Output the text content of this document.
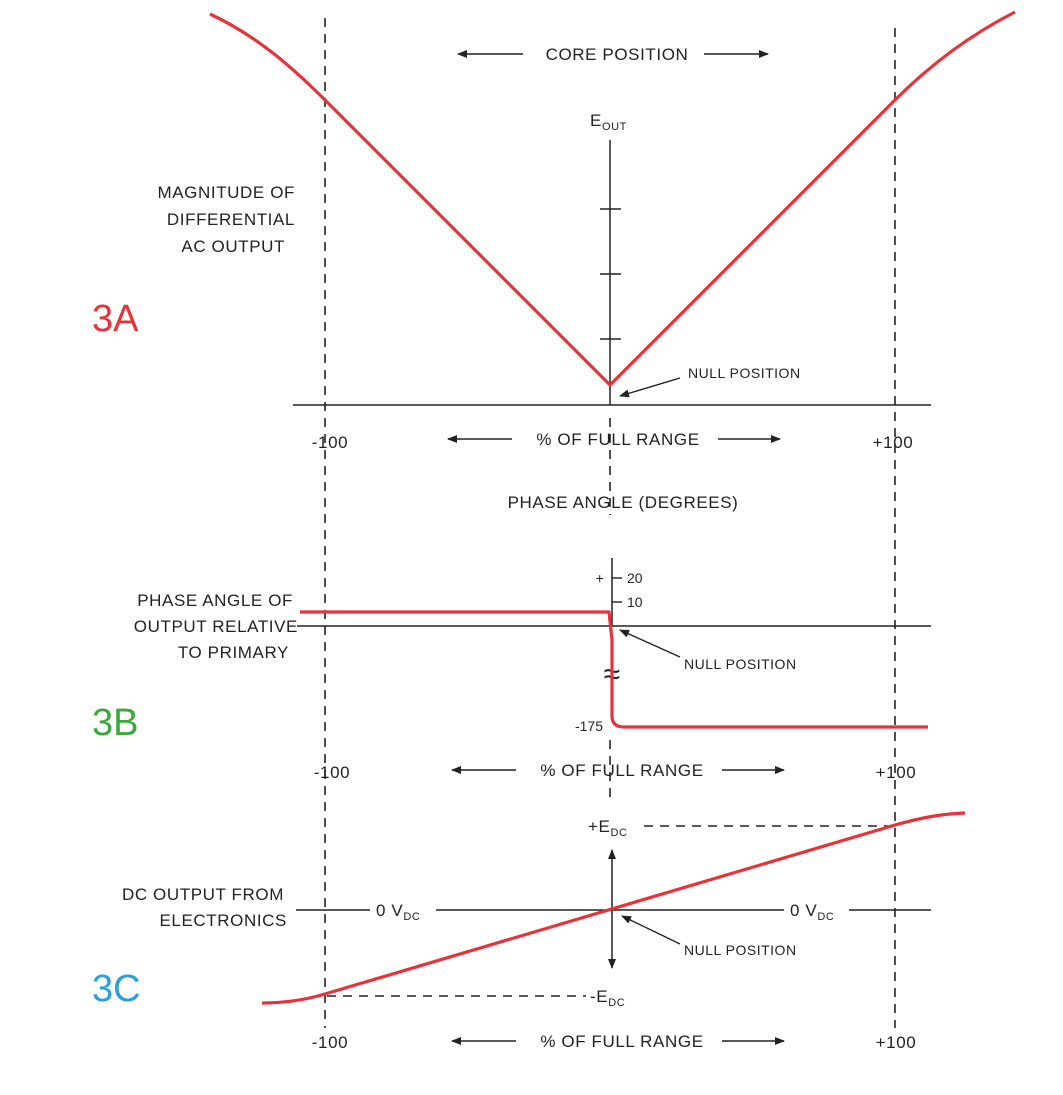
CORE POSITION
$E_{OUT}$
MAGNITUDE OF
DIFFERENTIAL
AC OUTPUT
3A
NULL POSITION
-100	+100
% OF FULL RANGE
PHASE ANGLE (DEGREES)
+ 20
10
≈
-175
PHASE ANGLE OF
OUTPUT RELATIVE
TO PRIMARY
3B
NULL POSITION
-100	+100
% OF FULL RANGE
$+E_{DC}$
$-E_{DC}$
0 $V_{DC}$	0 $V_{DC}$
DC OUTPUT FROM
ELECTRONICS
3C
NULL POSITION
-100	+100
% OF FULL RANGE
